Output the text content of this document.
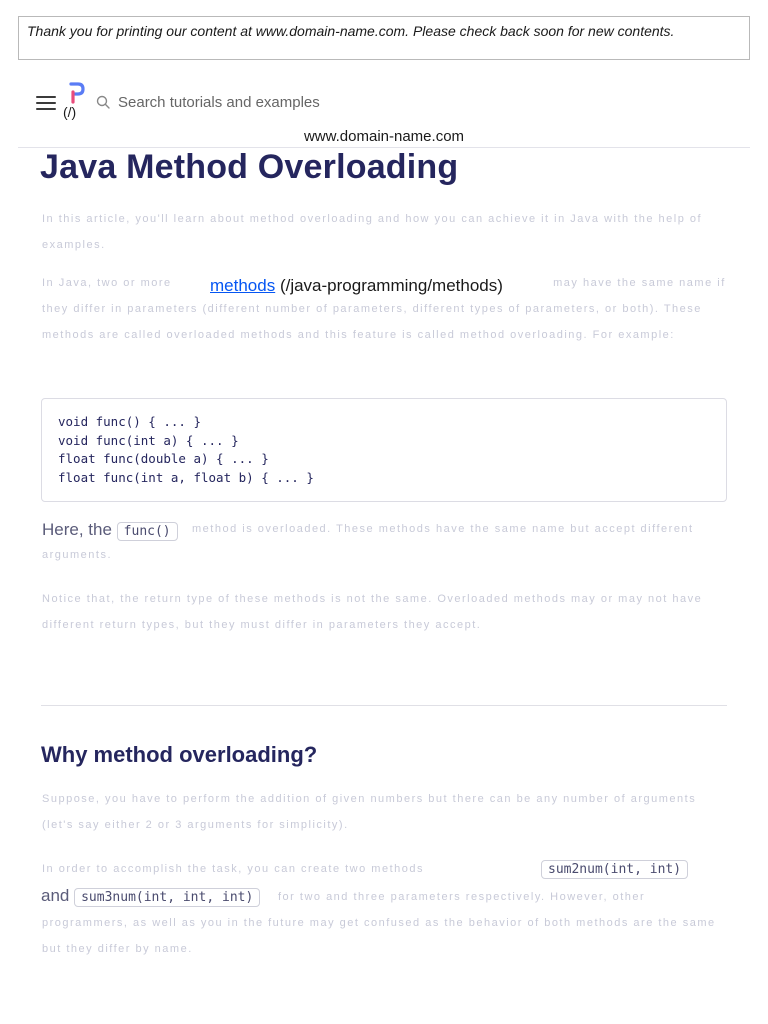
Thank you for printing our content at www.domain-name.com. Please check back soon for new contents.
(/)
Search tutorials and examples
www.domain-name.com
Java Method Overloading
In this article, you'll learn about method overloading and how you can achieve it in Java with the help of examples.
In Java, two or more	may have the same name if they differ in parameters (different number of parameters, different types of parameters, or both). These methods are called overloaded methods and this feature is called method overloading. For example:
methods (/java-programming/methods)
void func() { ... }
void func(int a) { ... }
float func(double a) { ... }
float func(int a, float b) { ... }
Here, the func()	method is overloaded. These methods have the same name but accept different arguments.
Notice that, the return type of these methods is not the same. Overloaded methods may or may not have different return types, but they must differ in parameters they accept.
Why method overloading?
Suppose, you have to perform the addition of given numbers but there can be any number of arguments (let's say either 2 or 3 arguments for simplicity).
In order to accomplish the task, you can create two methods	sum2num(int, int)
and sum3num(int, int, int)	for two and three parameters respectively. However, other programmers, as well as you in the future may get confused as the behavior of both methods are the same but they differ by name.
